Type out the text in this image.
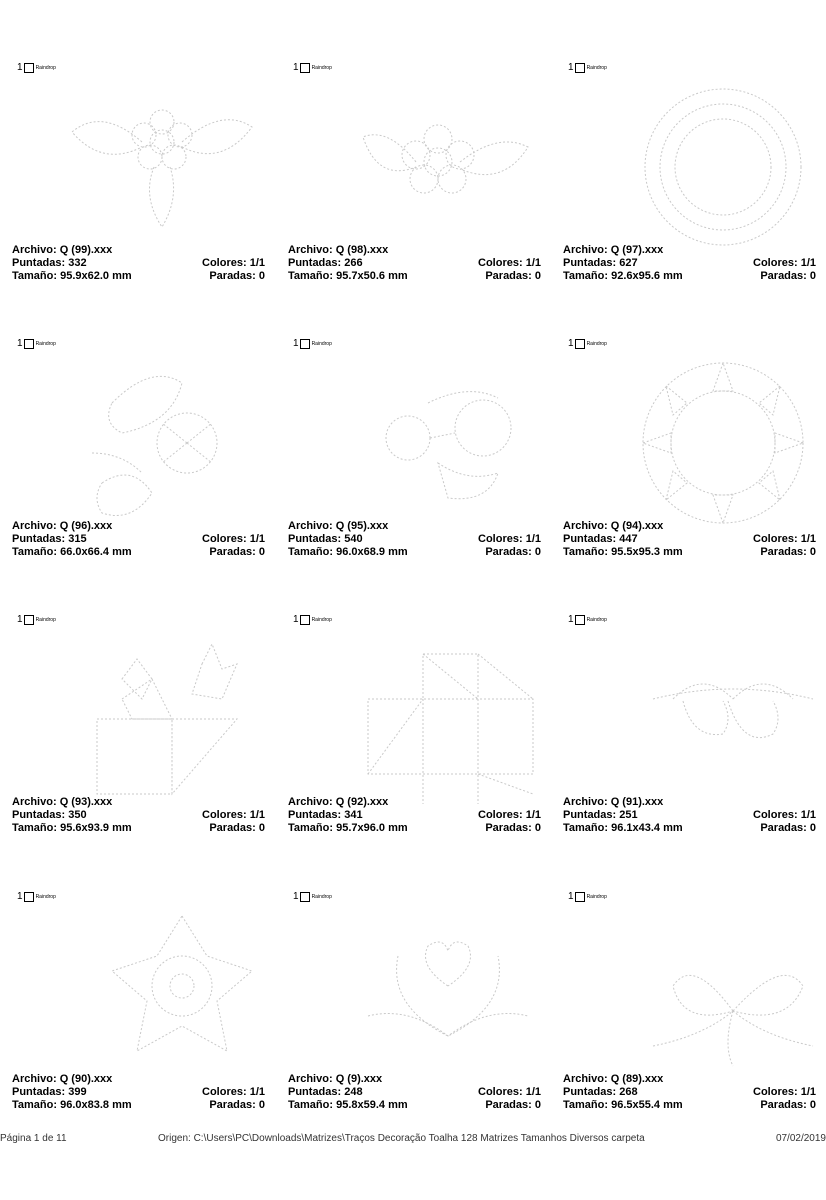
1	Raindrop
Archivo: Q (99).xxx
Puntadas: 332	Colores: 1/1
Tamaño: 95.9x62.0 mm	Paradas: 0
1	Raindrop
Archivo: Q (98).xxx
Puntadas: 266	Colores: 1/1
Tamaño: 95.7x50.6 mm	Paradas: 0
1	Raindrop
Archivo: Q (97).xxx
Puntadas: 627	Colores: 1/1
Tamaño: 92.6x95.6 mm	Paradas: 0
1	Raindrop
Archivo: Q (96).xxx
Puntadas: 315	Colores: 1/1
Tamaño: 66.0x66.4 mm	Paradas: 0
1	Raindrop
Archivo: Q (95).xxx
Puntadas: 540	Colores: 1/1
Tamaño: 96.0x68.9 mm	Paradas: 0
1	Raindrop
Archivo: Q (94).xxx
Puntadas: 447	Colores: 1/1
Tamaño: 95.5x95.3 mm	Paradas: 0
1	Raindrop
Archivo: Q (93).xxx
Puntadas: 350	Colores: 1/1
Tamaño: 95.6x93.9 mm	Paradas: 0
1	Raindrop
Archivo: Q (92).xxx
Puntadas: 341	Colores: 1/1
Tamaño: 95.7x96.0 mm	Paradas: 0
1	Raindrop
Archivo: Q (91).xxx
Puntadas: 251	Colores: 1/1
Tamaño: 96.1x43.4 mm	Paradas: 0
1	Raindrop
Archivo: Q (90).xxx
Puntadas: 399	Colores: 1/1
Tamaño: 96.0x83.8 mm	Paradas: 0
1	Raindrop
Archivo: Q (9).xxx
Puntadas: 248	Colores: 1/1
Tamaño: 95.8x59.4 mm	Paradas: 0
1	Raindrop
Archivo: Q (89).xxx
Puntadas: 268	Colores: 1/1
Tamaño: 96.5x55.4 mm	Paradas: 0
Página 1 de 11	Origen: C:\Users\PC\Downloads\Matrizes\Traços Decoração Toalha 128 Matrizes Tamanhos Diversos carpeta	07/02/2019
